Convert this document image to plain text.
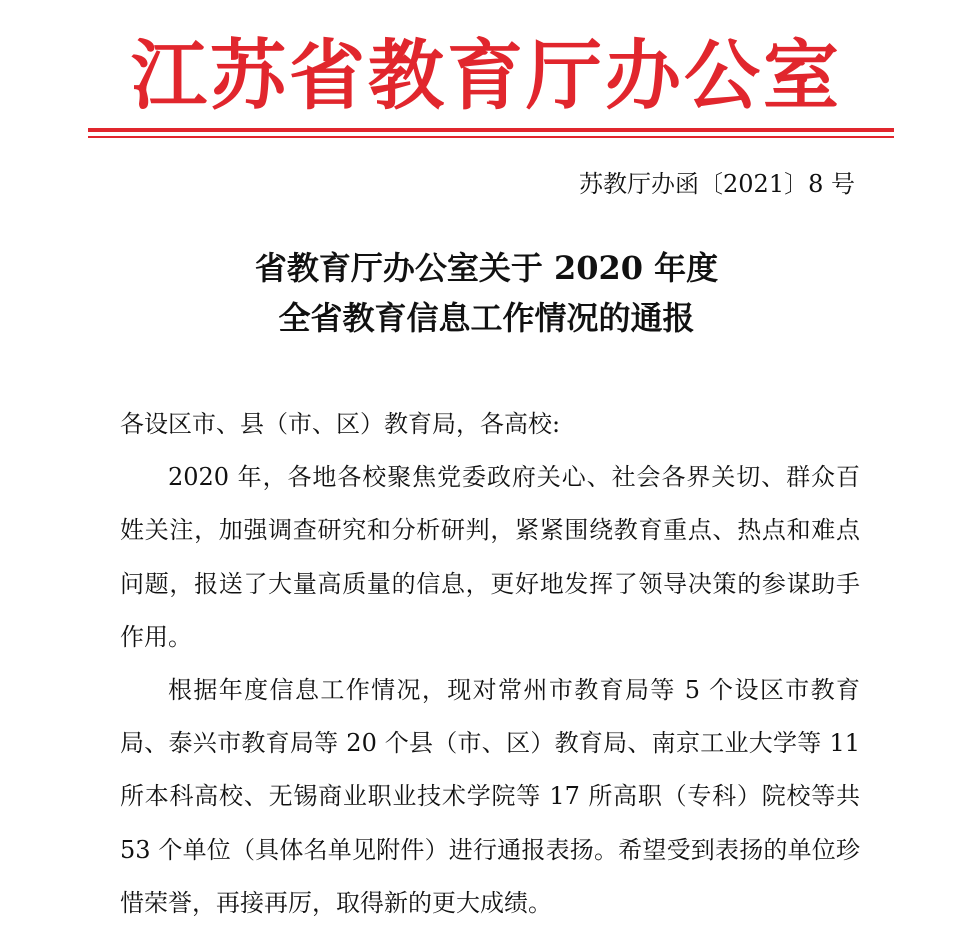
江苏省教育厅办公室
苏教厅办函〔2021〕8 号
省教育厅办公室关于 2020 年度
全省教育信息工作情况的通报

各设区市、县（市、区）教育局，各高校:

2020 年，各地各校聚焦党委政府关心、社会各界关切、群众百姓关注，加强调查研究和分析研判，紧紧围绕教育重点、热点和难点问题，报送了大量高质量的信息，更好地发挥了领导决策的参谋助手作用。

根据年度信息工作情况，现对常州市教育局等 5 个设区市教育局、泰兴市教育局等 20 个县（市、区）教育局、南京工业大学等 11 所本科高校、无锡商业职业技术学院等 17 所高职（专科）院校等共 53 个单位（具体名单见附件）进行通报表扬。希望受到表扬的单位珍惜荣誉，再接再厉，取得新的更大成绩。
